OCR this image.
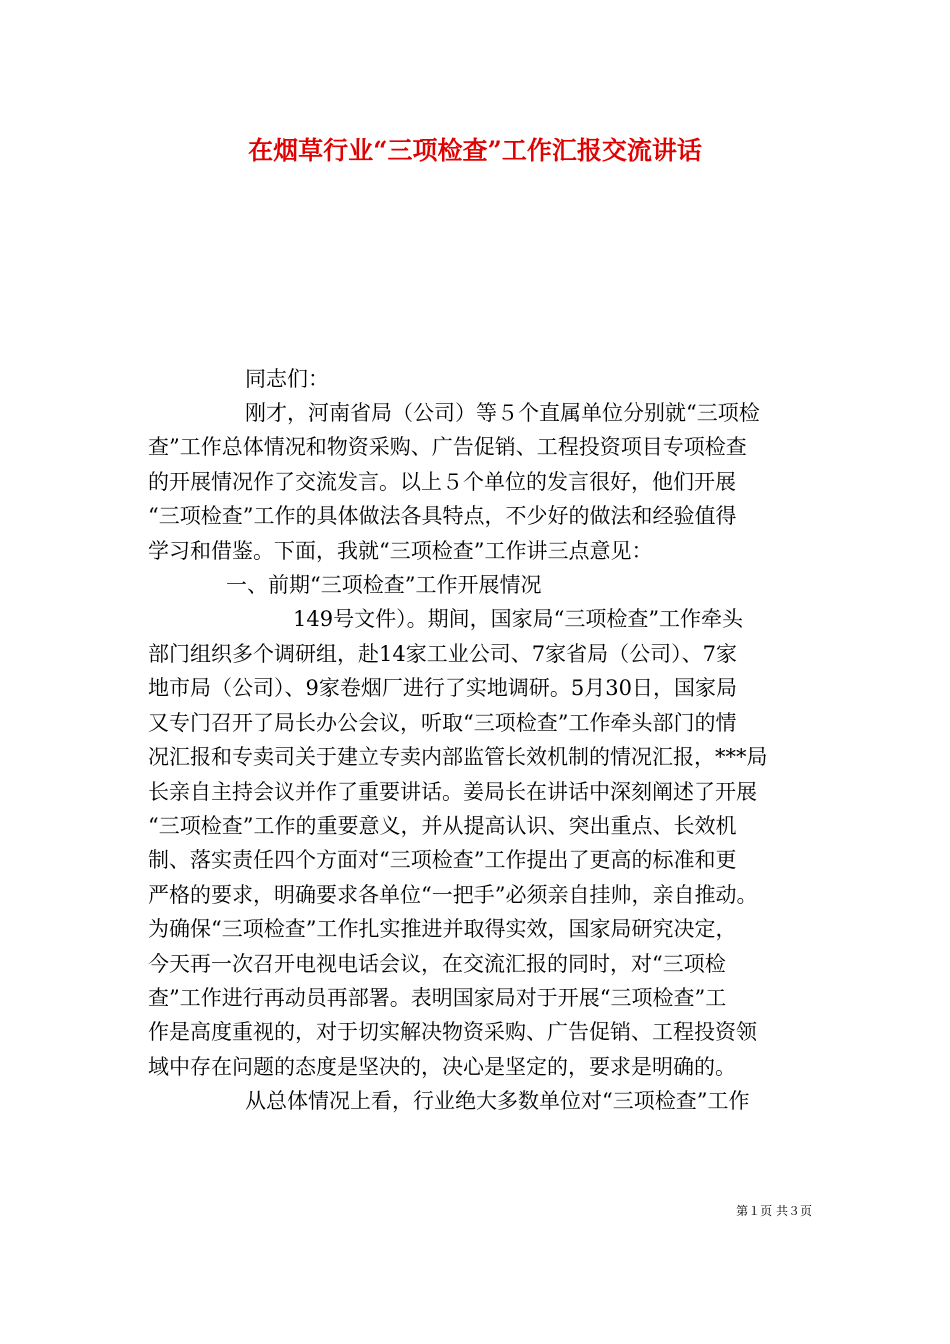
在烟草行业“三项检查”工作汇报交流讲话
同志们：
刚才，河南省局（公司）等５个直属单位分别就“三项检
查”工作总体情况和物资采购、广告促销、工程投资项目专项检查
的开展情况作了交流发言。以上５个单位的发言很好，他们开展
“三项检查”工作的具体做法各具特点，不少好的做法和经验值得
学习和借鉴。下面，我就“三项检查”工作讲三点意见：
一、前期“三项检查”工作开展情况
149号文件）。期间，国家局“三项检查”工作牵头
部门组织多个调研组，赴14家工业公司、7家省局（公司）、7家
地市局（公司）、9家卷烟厂进行了实地调研。5月30日，国家局
又专门召开了局长办公会议，听取“三项检查”工作牵头部门的情
况汇报和专卖司关于建立专卖内部监管长效机制的情况汇报，***局
长亲自主持会议并作了重要讲话。姜局长在讲话中深刻阐述了开展
“三项检查”工作的重要意义，并从提高认识、突出重点、长效机
制、落实责任四个方面对“三项检查”工作提出了更高的标准和更
严格的要求，明确要求各单位“一把手”必须亲自挂帅，亲自推动。
为确保“三项检查”工作扎实推进并取得实效，国家局研究决定，
今天再一次召开电视电话会议，在交流汇报的同时，对“三项检
查”工作进行再动员再部署。表明国家局对于开展“三项检查”工
作是高度重视的，对于切实解决物资采购、广告促销、工程投资领
域中存在问题的态度是坚决的，决心是坚定的，要求是明确的。
从总体情况上看，行业绝大多数单位对“三项检查”工作
第１页 共３页
